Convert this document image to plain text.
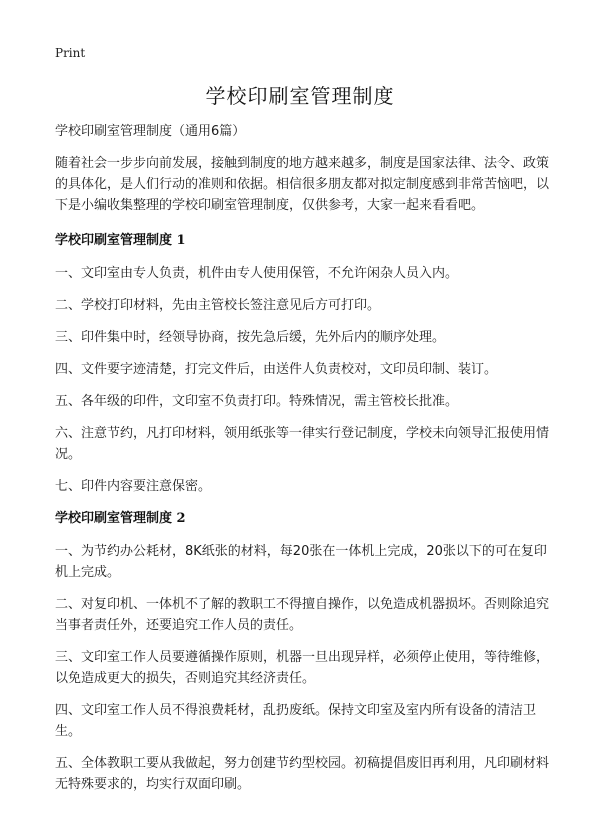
Print
学校印刷室管理制度

学校印刷室管理制度（通用6篇）

随着社会一步步向前发展，接触到制度的地方越来越多，制度是国家法律、法令、政策的具体化，是人们行动的准则和依据。相信很多朋友都对拟定制度感到非常苦恼吧，以下是小编收集整理的学校印刷室管理制度，仅供参考，大家一起来看看吧。

学校印刷室管理制度 1

一、文印室由专人负责，机件由专人使用保管，不允许闲杂人员入内。

二、学校打印材料，先由主管校长签注意见后方可打印。

三、印件集中时，经领导协商，按先急后缓，先外后内的顺序处理。

四、文件要字迹清楚，打完文件后，由送件人负责校对，文印员印制、装订。

五、各年级的印件，文印室不负责打印。特殊情况，需主管校长批准。

六、注意节约，凡打印材料，领用纸张等一律实行登记制度，学校未向领导汇报使用情况。

七、印件内容要注意保密。

学校印刷室管理制度 2

一、为节约办公耗材，8K纸张的材料，每20张在一体机上完成，20张以下的可在复印机上完成。

二、对复印机、一体机不了解的教职工不得擅自操作，以免造成机器损坏。否则除追究当事者责任外，还要追究工作人员的责任。

三、文印室工作人员要遵循操作原则，机器一旦出现异样，必须停止使用，等待维修，以免造成更大的损失，否则追究其经济责任。

四、文印室工作人员不得浪费耗材，乱扔废纸。保持文印室及室内所有设备的清洁卫生。

五、全体教职工要从我做起，努力创建节约型校园。初稿提倡废旧再利用，凡印刷材料无特殊要求的，均实行双面印刷。
